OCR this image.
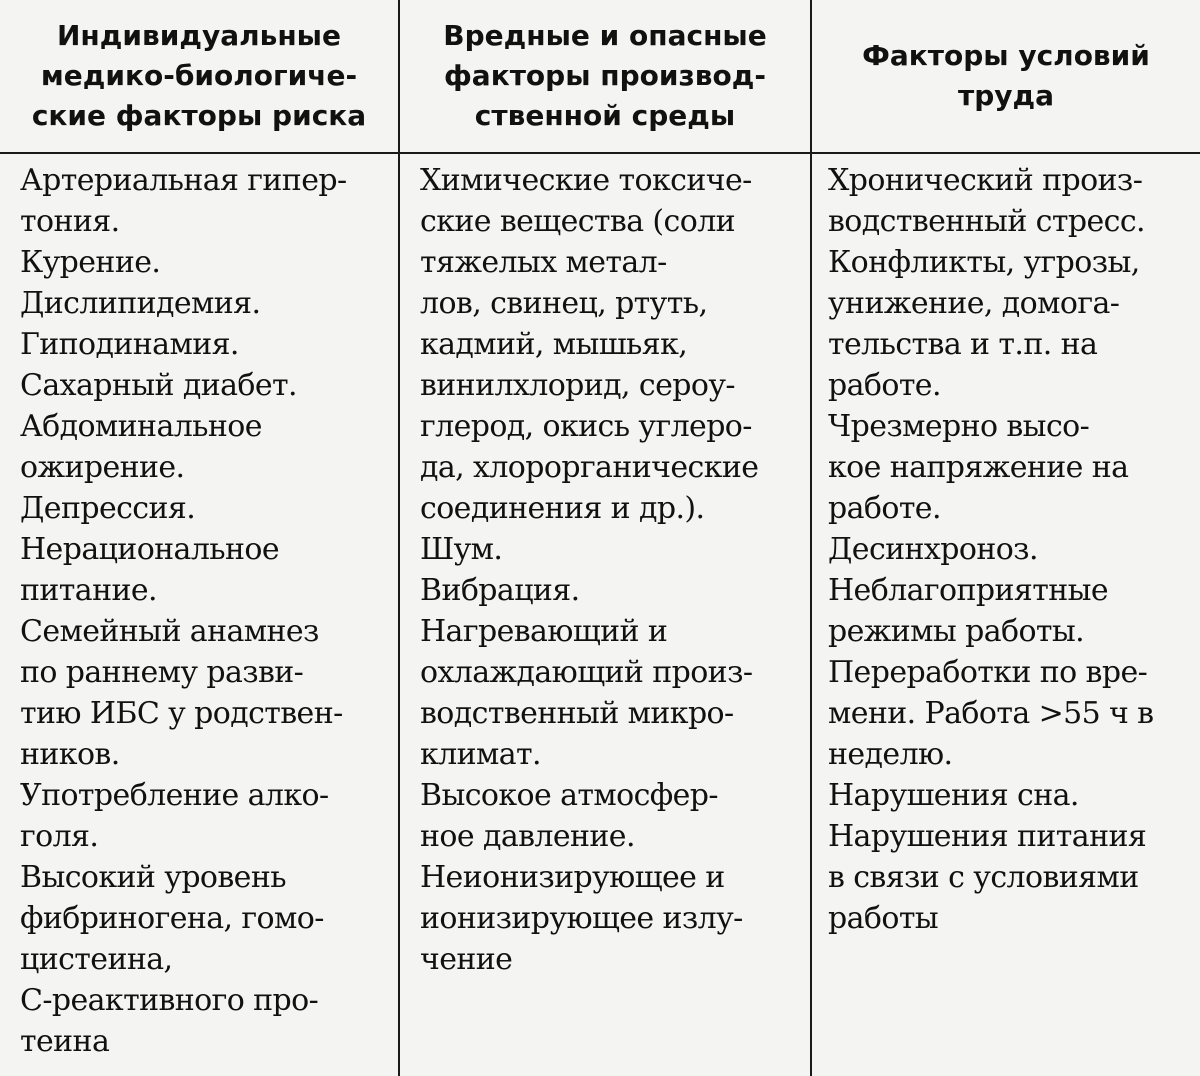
Индивидуальные
медико-биологиче-
ские факторы риска
Вредные и опасные
факторы производ-
ственной среды
Факторы условий
труда
Артериальная гипер-
тония.
Курение.
Дислипидемия.
Гиподинамия.
Сахарный диабет.
Абдоминальное
ожирение.
Депрессия.
Нерациональное
питание.
Семейный анамнез
по раннему разви-
тию ИБС у родствен-
ников.
Употребление алко-
голя.
Высокий уровень
фибриногена, гомо-
цистеина,
С-реактивного про-
теина
Химические токсиче-
ские вещества (соли
тяжелых метал-
лов, свинец, ртуть,
кадмий, мышьяк,
винилхлорид, сероу-
глерод, окись углеро-
да, хлорорганические
соединения и др.).
Шум.
Вибрация.
Нагревающий и
охлаждающий произ-
водственный микро-
климат.
Высокое атмосфер-
ное давление.
Неионизирующее и
ионизирующее излу-
чение
Хронический произ-
водственный стресс.
Конфликты, угрозы,
унижение, домога-
тельства и т.п. на
работе.
Чрезмерно высо-
кое напряжение на
работе.
Десинхроноз.
Неблагоприятные
режимы работы.
Переработки по вре-
мени. Работа >55 ч в
неделю.
Нарушения сна.
Нарушения питания
в связи с условиями
работы
